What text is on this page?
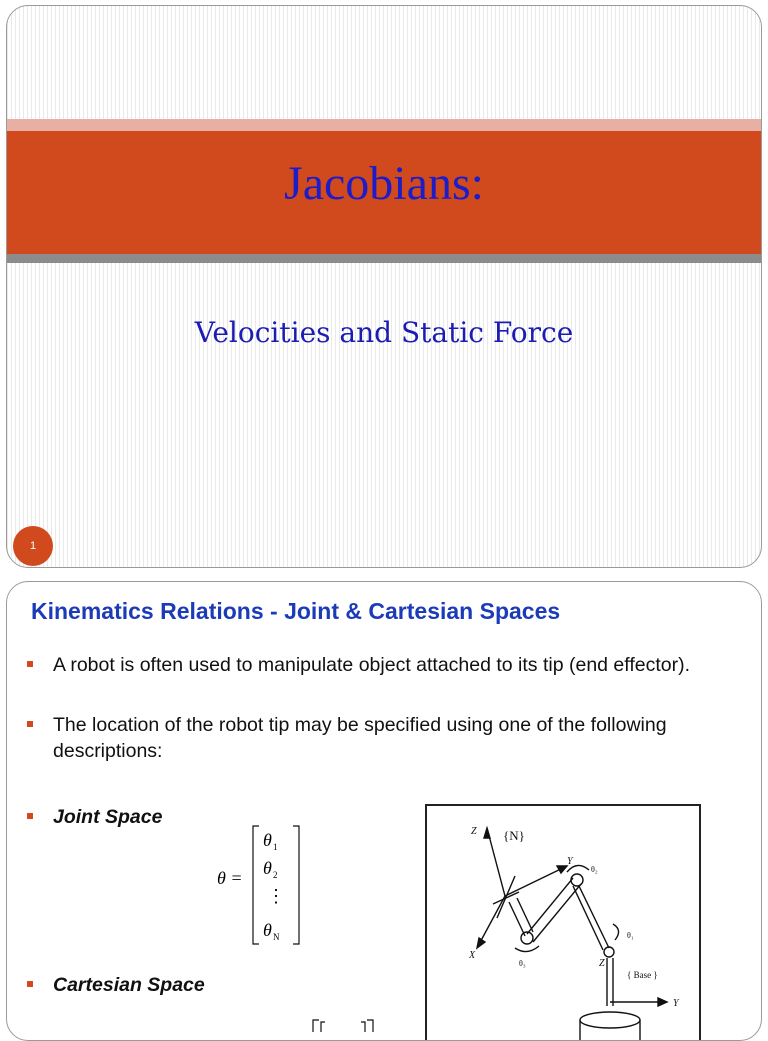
Jacobians:
Velocities and Static Force
1
Kinematics Relations - Joint & Cartesian Spaces
A robot is often used to manipulate object attached to its tip (end effector).
The location of the robot tip may be specified using one of the following descriptions:
Joint Space
Cartesian Space
θ =
θ 1
θ 2
⋮
θ N
Z {N}
Y
θ₂
θ₁
X
θ₃	Z
{ Base }
Y
